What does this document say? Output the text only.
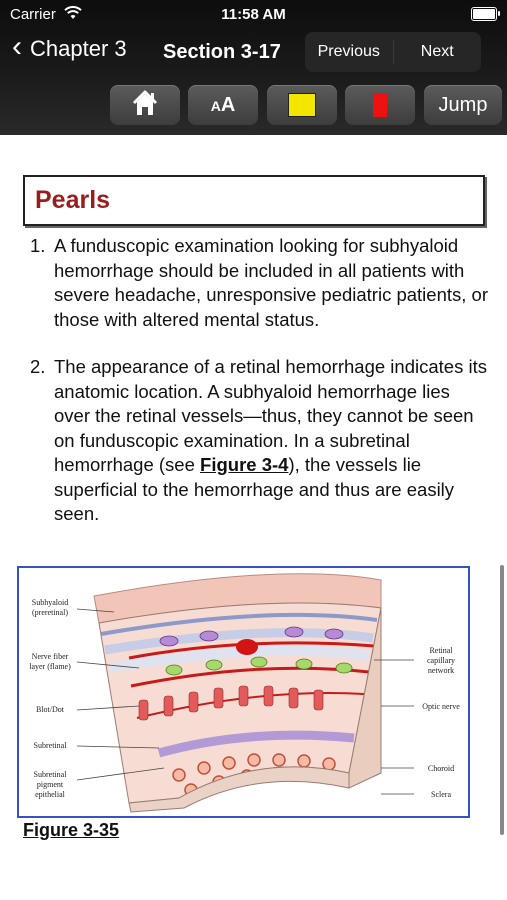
Carrier	11:58 AM
‹ Chapter 3 Section 3-17	Previous	Next
AA	Jump
Pearls
1. A funduscopic examination looking for subhyaloid hemorrhage should be included in all patients with severe headache, unresponsive pediatric patients, or those with altered mental status.
2. The appearance of a retinal hemorrhage indicates its anatomic location. A subhyaloid hemorrhage lies over the retinal vessels—thus, they cannot be seen on funduscopic examination. In a subretinal hemorrhage (see Figure 3-4), the vessels lie superficial to the hemorrhage and thus are easily seen.
Subhyaloid
(preretinal)
Nerve fiber
layer (flame)
Blot/Dot
Subretinal
Subretinal
pigment
epithelial
Retinal
capillary
network
Optic nerve
Choroid
Sclera
Figure 3-35
